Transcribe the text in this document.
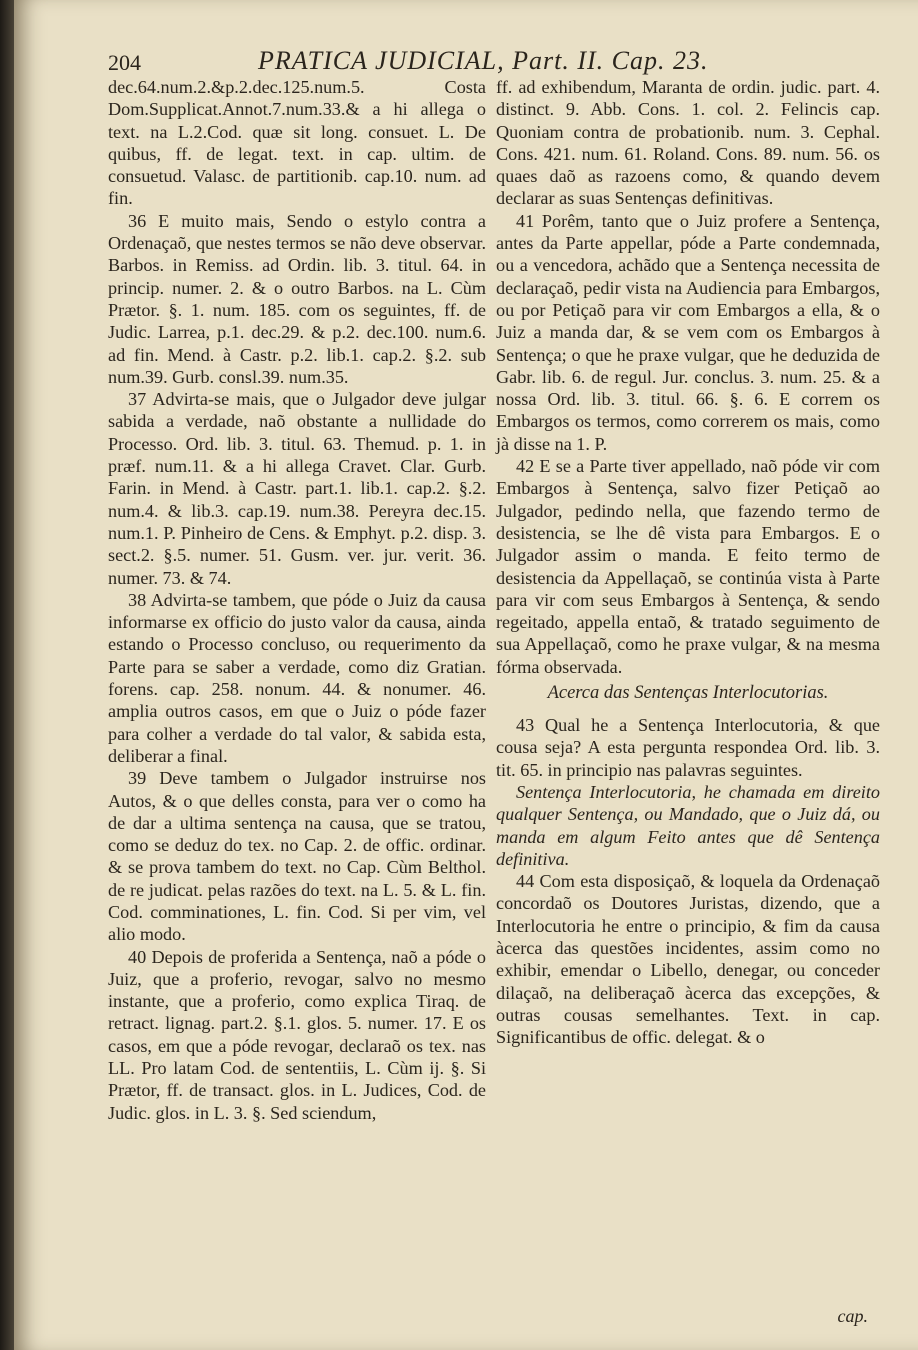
204	PRATICA JUDICIAL, Part. II. Cap. 23.

dec.64.num.2.&p.2.dec.125.num.5. Costa Dom.Supplicat.Annot.7.num.33.& a hi allega o text. na L.2.Cod. quæ sit long. consuet. L. De quibus, ff. de legat. text. in cap. ultim. de consuetud. Valasc. de partitionib. cap.10. num. ad fin.

36 E muito mais, Sendo o estylo contra a Ordenaçaõ, que nestes termos se não deve observar. Barbos. in Remiss. ad Ordin. lib. 3. titul. 64. in princip. numer. 2. & o outro Barbos. na L. Cùm Prætor. §. 1. num. 185. com os seguintes, ff. de Judic. Larrea, p.1. dec.29. & p.2. dec.100. num.6. ad fin. Mend. à Castr. p.2. lib.1. cap.2. §.2. sub num.39. Gurb. consl.39. num.35.

37 Advirta-se mais, que o Julgador deve julgar sabida a verdade, naõ obstante a nullidade do Processo. Ord. lib. 3. titul. 63. Themud. p. 1. in præf. num.11. & a hi allega Cravet. Clar. Gurb. Farin. in Mend. à Castr. part.1. lib.1. cap.2. §.2. num.4. & lib.3. cap.19. num.38. Pereyra dec.15. num.1. P. Pinheiro de Cens. & Emphyt. p.2. disp. 3. sect.2. §.5. numer. 51. Gusm. ver. jur. verit. 36. numer. 73. & 74.

38 Advirta-se tambem, que póde o Juiz da causa informarse ex officio do justo valor da causa, ainda estando o Processo concluso, ou requerimento da Parte para se saber a verdade, como diz Gratian. forens. cap. 258. nonum. 44. & nonumer. 46. amplia outros casos, em que o Juiz o póde fazer para colher a verdade do tal valor, & sabida esta, deliberar a final.

39 Deve tambem o Julgador instruirse nos Autos, & o que delles consta, para ver o como ha de dar a ultima sentença na causa, que se tratou, como se deduz do tex. no Cap. 2. de offic. ordinar. & se prova tambem do text. no Cap. Cùm Belthol. de re judicat. pelas razões do text. na L. 5. & L. fin. Cod. comminationes, L. fin. Cod. Si per vim, vel alio modo.

40 Depois de proferida a Sentença, naõ a póde o Juiz, que a proferio, revogar, salvo no mesmo instante, que a proferio, como explica Tiraq. de retract. lignag. part.2. §.1. glos. 5. numer. 17. E os casos, em que a póde revogar, declaraõ os tex. nas LL. Pro latam Cod. de sententiis, L. Cùm ij. §. Si Prætor, ff. de transact. glos. in L. Judices, Cod. de Judic. glos. in L. 3. §. Sed sciendum,

ff. ad exhibendum, Maranta de ordin. judic. part. 4. distinct. 9. Abb. Cons. 1. col. 2. Felincis cap. Quoniam contra de probationib. num. 3. Cephal. Cons. 421. num. 61. Roland. Cons. 89. num. 56. os quaes daõ as razoens como, & quando devem declarar as suas Sentenças definitivas.

41 Porêm, tanto que o Juiz profere a Sentença, antes da Parte appellar, póde a Parte condemnada, ou a vencedora, achãdo que a Sentença necessita de declaraçaõ, pedir vista na Audiencia para Embargos, ou por Petiçaõ para vir com Embargos a ella, & o Juiz a manda dar, & se vem com os Embargos à Sentença; o que he praxe vulgar, que he deduzida de Gabr. lib. 6. de regul. Jur. conclus. 3. num. 25. & a nossa Ord. lib. 3. titul. 66. §. 6. E correm os Embargos os termos, como correrem os mais, como jà disse na 1. P.

42 E se a Parte tiver appellado, naõ póde vir com Embargos à Sentença, salvo fizer Petiçaõ ao Julgador, pedindo nella, que fazendo termo de desistencia, se lhe dê vista para Embargos. E o Julgador assim o manda. E feito termo de desistencia da Appellaçaõ, se continúa vista à Parte para vir com seus Embargos à Sentença, & sendo regeitado, appella entaõ, & tratado seguimento de sua Appellaçaõ, como he praxe vulgar, & na mesma fórma observada.

Acerca das Sentenças Interlocutorias.

43 Qual he a Sentença Interlocutoria, & que cousa seja? A esta pergunta respondea Ord. lib. 3. tit. 65. in principio nas palavras seguintes.

Sentença Interlocutoria, he chamada em direito qualquer Sentença, ou Mandado, que o Juiz dá, ou manda em algum Feito antes que dê Sentença definitiva.

44 Com esta disposiçaõ, & loquela da Ordenaçaõ concordaõ os Doutores Juristas, dizendo, que a Interlocutoria he entre o principio, & fim da causa àcerca das questões incidentes, assim como no exhibir, emendar o Libello, denegar, ou conceder dilaçaõ, na deliberaçaõ àcerca das excepções, & outras cousas semelhantes. Text. in cap. Significantibus de offic. delegat. & o

cap.
